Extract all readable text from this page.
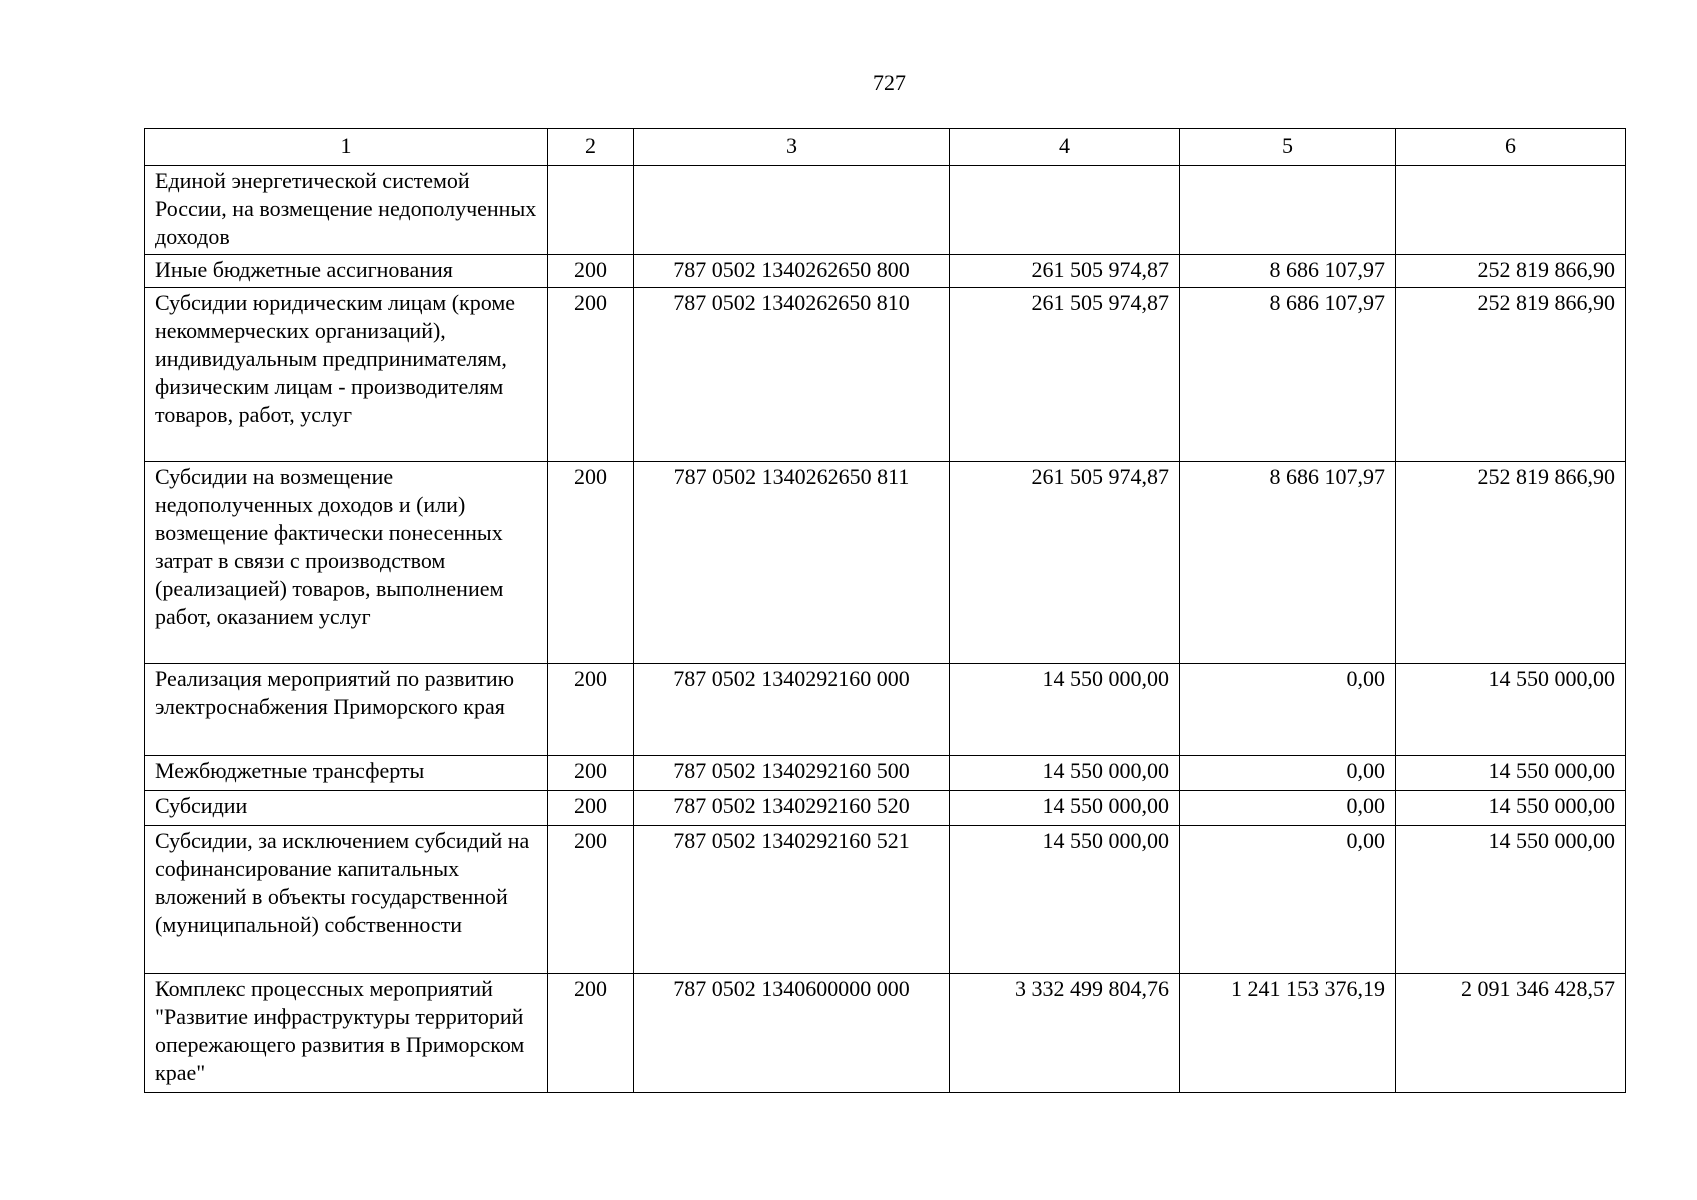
727
1	2	3	4	5	6
Единой энергетической системой России, на возмещение недополученных доходов					
Иные бюджетные ассигнования	200	787 0502 1340262650 800	261 505 974,87	8 686 107,97	252 819 866,90
Субсидии юридическим лицам (кроме некоммерческих организаций), индивидуальным предпринимателям, физическим лицам - производителям товаров, работ, услуг	200	787 0502 1340262650 810	261 505 974,87	8 686 107,97	252 819 866,90
Субсидии на возмещение недополученных доходов и (или) возмещение фактически понесенных затрат в связи с производством (реализацией) товаров, выполнением работ, оказанием услуг	200	787 0502 1340262650 811	261 505 974,87	8 686 107,97	252 819 866,90
Реализация мероприятий по развитию электроснабжения Приморского края	200	787 0502 1340292160 000	14 550 000,00	0,00	14 550 000,00
Межбюджетные трансферты	200	787 0502 1340292160 500	14 550 000,00	0,00	14 550 000,00
Субсидии	200	787 0502 1340292160 520	14 550 000,00	0,00	14 550 000,00
Субсидии, за исключением субсидий на софинансирование капитальных вложений в объекты государственной (муниципальной) собственности	200	787 0502 1340292160 521	14 550 000,00	0,00	14 550 000,00
Комплекс процессных мероприятий "Развитие инфраструктуры территорий опережающего развития в Приморском крае"	200	787 0502 1340600000 000	3 332 499 804,76	1 241 153 376,19	2 091 346 428,57
